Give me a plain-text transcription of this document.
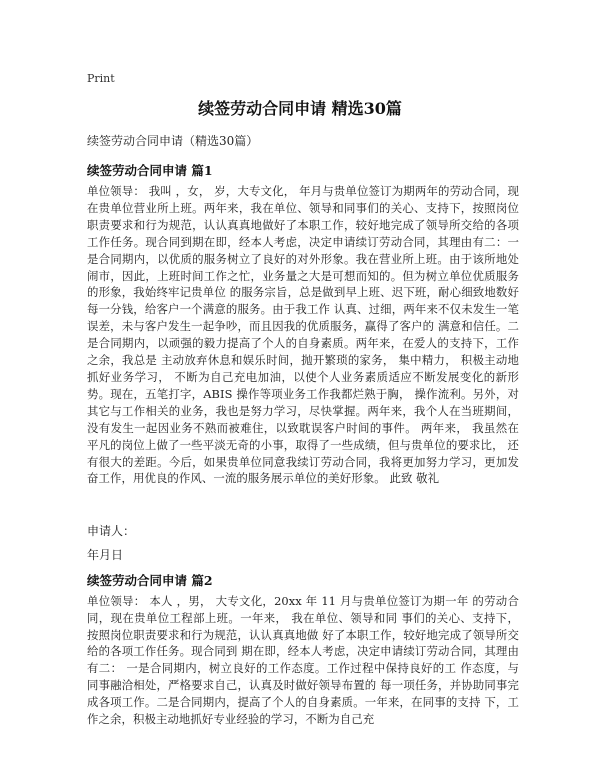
Print
续签劳动合同申请 精选30篇
续签劳动合同申请（精选30篇）
续签劳动合同申请 篇1

单位领导： 我叫 ，女， 岁，大专文化， 年月与贵单位签订为期两年的劳动合同，现在贵单位营业所上班。两年来，我在单位、领导和同事们的关心、支持下，按照岗位职责要求和行为规范，认认真真地做好了本职工作，较好地完成了领导所交给的各项工作任务。现合同到期在即，经本人考虑，决定申请续订劳动合同，其理由有二：一是合同期内，以优质的服务树立了良好的对外形象。我在营业所上班。由于该所地处闹市，因此，上班时间工作之忙，业务量之大是可想而知的。但为树立单位优质服务的形象，我始终牢记贵单位 的服务宗旨，总是做到早上班、迟下班，耐心细致地数好每一分钱，给客户一个满意的服务。由于我工作 认真、过细，两年来不仅未发生一笔误差，未与客户发生一起争吵，而且因我的优质服务，赢得了客户的 满意和信任。二是合同期内，以顽强的毅力提高了个人的自身素质。两年来，在爱人的支持下，工作之余，我总是 主动放弃休息和娱乐时间，抛开繁琐的家务， 集中精力， 积极主动地抓好业务学习， 不断为自己充电加油，以使个人业务素质适应不断发展变化的新形势。现在，五笔打字，ABIS 操作等项业务工作我都烂熟于胸， 操作流利。另外，对其它与工作相关的业务，我也是努力学习，尽快掌握。两年来，我个人在当班期间， 没有发生一起因业务不熟而被难住，以致耽误客户时间的事件。 两年来， 我虽然在平凡的岗位上做了一些平淡无奇的小事，取得了一些成绩，但与贵单位的要求比， 还有很大的差距。今后，如果贵单位同意我续订劳动合同，我将更加努力学习，更加发奋工作，用优良的作风、一流的服务展示单位的美好形象。 此致 敬礼

申请人：
年月日
续签劳动合同申请 篇2

单位领导： 本人 ，男， 大专文化，20xx 年 11 月与贵单位签订为期一年 的劳动合同，现在贵单位工程部上班。一年来， 我在单位、领导和同 事们的关心、支持下，按照岗位职责要求和行为规范，认认真真地做 好了本职工作，较好地完成了领导所交给的各项工作任务。现合同到 期在即，经本人考虑，决定申请续订劳动合同，其理由有二： 一是合同期内，树立良好的工作态度。工作过程中保持良好的工 作态度，与同事融洽相处，严格要求自己，认真及时做好领导布置的 每一项任务，并协助同事完成各项工作。二是合同期内，提高了个人的自身素质。一年来，在同事的支持 下，工作之余，积极主动地抓好专业经验的学习，不断为自己充
